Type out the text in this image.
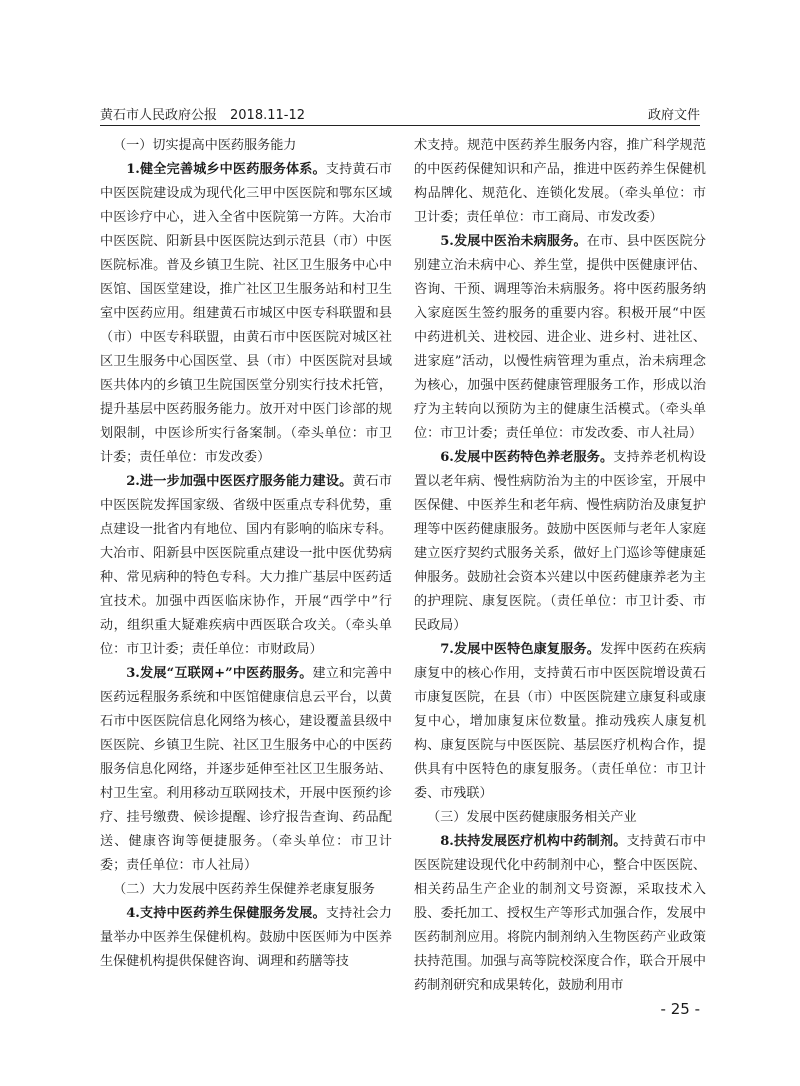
黄石市人民政府公报　2018.11-12	政府文件
（一）切实提高中医药服务能力

1.健全完善城乡中医药服务体系。支持黄石市中医医院建设成为现代化三甲中医医院和鄂东区域中医诊疗中心，进入全省中医院第一方阵。大冶市中医医院、阳新县中医医院达到示范县（市）中医医院标准。普及乡镇卫生院、社区卫生服务中心中医馆、国医堂建设，推广社区卫生服务站和村卫生室中医药应用。组建黄石市城区中医专科联盟和县（市）中医专科联盟，由黄石市中医医院对城区社区卫生服务中心国医堂、县（市）中医医院对县域医共体内的乡镇卫生院国医堂分别实行技术托管，提升基层中医药服务能力。放开对中医门诊部的规划限制，中医诊所实行备案制。（牵头单位：市卫计委；责任单位：市发改委）

2.进一步加强中医医疗服务能力建设。黄石市中医医院发挥国家级、省级中医重点专科优势，重点建设一批省内有地位、国内有影响的临床专科。大冶市、阳新县中医医院重点建设一批中医优势病种、常见病种的特色专科。大力推广基层中医药适宜技术。加强中西医临床协作，开展“西学中”行动，组织重大疑难疾病中西医联合攻关。（牵头单位：市卫计委；责任单位：市财政局）

3.发展“互联网+”中医药服务。建立和完善中医药远程服务系统和中医馆健康信息云平台，以黄石市中医医院信息化网络为核心，建设覆盖县级中医医院、乡镇卫生院、社区卫生服务中心的中医药服务信息化网络，并逐步延伸至社区卫生服务站、村卫生室。利用移动互联网技术，开展中医预约诊疗、挂号缴费、候诊提醒、诊疗报告查询、药品配送、健康咨询等便捷服务。（牵头单位：市卫计委；责任单位：市人社局）

（二）大力发展中医药养生保健养老康复服务

4.支持中医药养生保健服务发展。支持社会力量举办中医养生保健机构。鼓励中医医师为中医养生保健机构提供保健咨询、调理和药膳等技

术支持。规范中医药养生服务内容，推广科学规范的中医药保健知识和产品，推进中医药养生保健机构品牌化、规范化、连锁化发展。（牵头单位：市卫计委；责任单位：市工商局、市发改委）

5.发展中医治未病服务。在市、县中医医院分别建立治未病中心、养生堂，提供中医健康评估、咨询、干预、调理等治未病服务。将中医药服务纳入家庭医生签约服务的重要内容。积极开展“中医中药进机关、进校园、进企业、进乡村、进社区、进家庭”活动，以慢性病管理为重点，治未病理念为核心，加强中医药健康管理服务工作，形成以治疗为主转向以预防为主的健康生活模式。（牵头单位：市卫计委；责任单位：市发改委、市人社局）

6.发展中医药特色养老服务。支持养老机构设置以老年病、慢性病防治为主的中医诊室，开展中医保健、中医养生和老年病、慢性病防治及康复护理等中医药健康服务。鼓励中医医师与老年人家庭建立医疗契约式服务关系，做好上门巡诊等健康延伸服务。鼓励社会资本兴建以中医药健康养老为主的护理院、康复医院。（责任单位：市卫计委、市民政局）

7.发展中医特色康复服务。发挥中医药在疾病康复中的核心作用，支持黄石市中医医院增设黄石市康复医院，在县（市）中医医院建立康复科或康复中心，增加康复床位数量。推动残疾人康复机构、康复医院与中医医院、基层医疗机构合作，提供具有中医特色的康复服务。（责任单位：市卫计委、市残联）

（三）发展中医药健康服务相关产业

8.扶持发展医疗机构中药制剂。支持黄石市中医医院建设现代化中药制剂中心，整合中医医院、相关药品生产企业的制剂文号资源，采取技术入股、委托加工、授权生产等形式加强合作，发展中医药制剂应用。将院内制剂纳入生物医药产业政策扶持范围。加强与高等院校深度合作，联合开展中药制剂研究和成果转化，鼓励利用市

- 25 -
